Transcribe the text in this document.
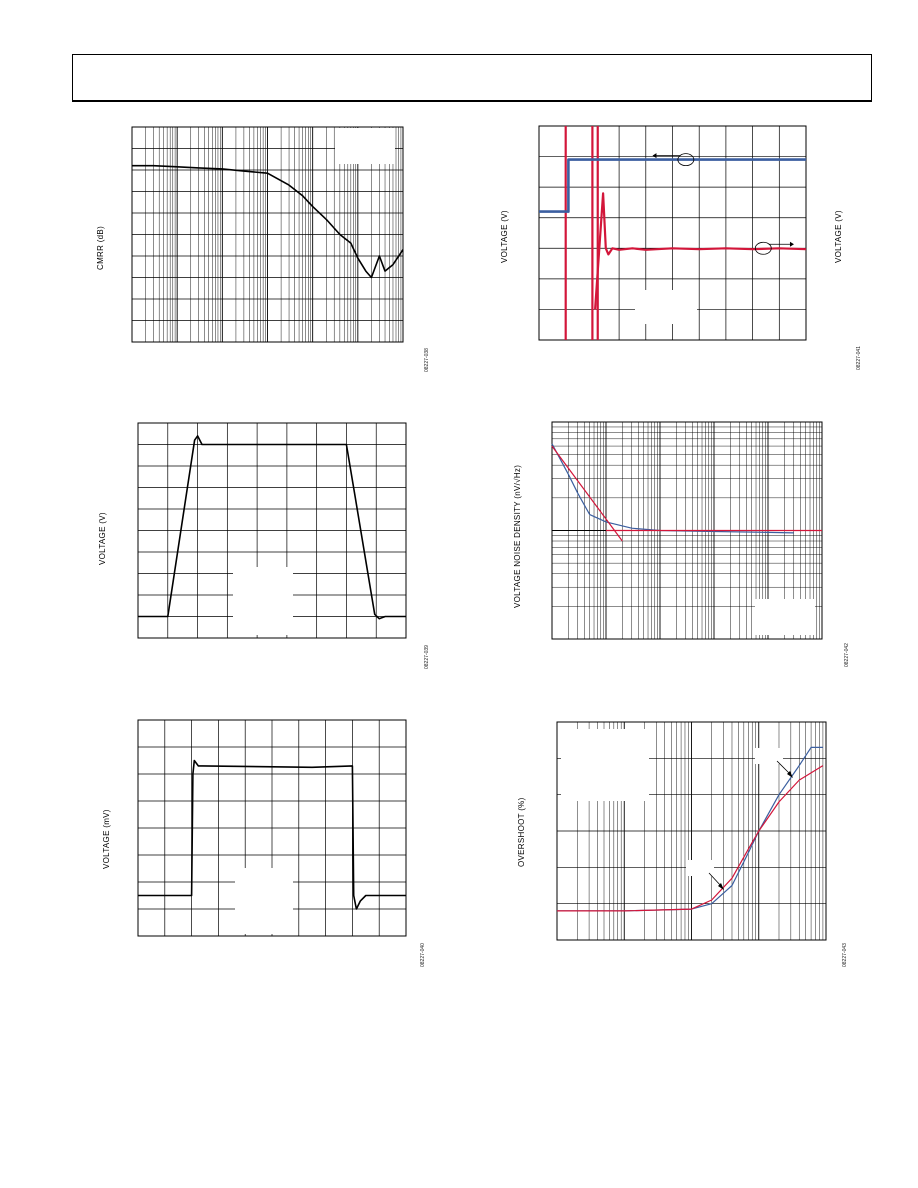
CMRR (dB)
08227-038
VOLTAGE (V)	VOLTAGE (V)
08227-041
VOLTAGE (V)
08227-039
VOLTAGE NOISE DENSITY (nV/√Hz)
08227-042
VOLTAGE (mV)
08227-040
OVERSHOOT (%)
08227-043
